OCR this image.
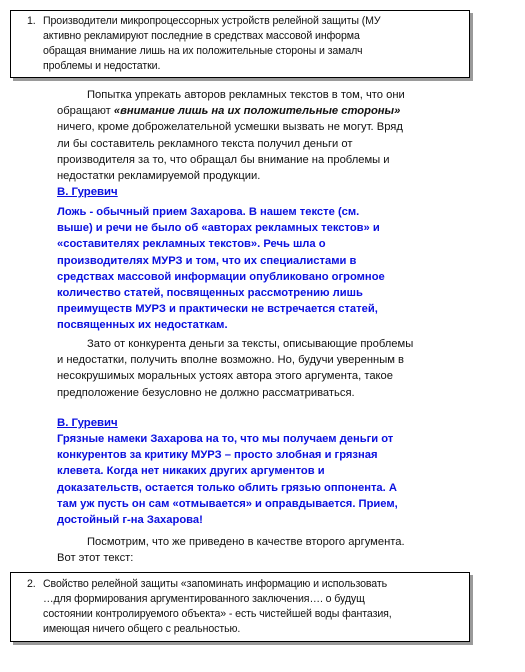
1. Производители микропроцессорных устройств релейной защиты (МУ
активно рекламируют последние в средствах массовой информа
обращая внимание лишь на их положительные стороны и замалч
проблемы и недостатки.
Попытка упрекать авторов рекламных текстов в том, что они
обращают «внимание лишь на их положительные стороны»
ничего, кроме доброжелательной усмешки вызвать не могут. Вряд
ли бы составитель рекламного текста получил деньги от
производителя за то, что обращал бы внимание на проблемы и
недостатки рекламируемой продукции.
В. Гуревич
Ложь - обычный прием Захарова. В нашем тексте (см.
выше) и речи не было об «авторах рекламных текстов» и
«составителях рекламных текстов». Речь шла о
производителях МУРЗ и том, что их специалистами в
средствах массовой информации опубликовано огромное
количество статей, посвященных рассмотрению лишь
преимуществ МУРЗ и практически не встречается статей,
посвященных их недостаткам.
Зато от конкурента деньги за тексты, описывающие проблемы
и недостатки, получить вполне возможно. Но, будучи уверенным в
несокрушимых моральных устоях автора этого аргумента, такое
предположение безусловно не должно рассматриваться.
В. Гуревич
Грязные намеки Захарова на то, что мы получаем деньги от
конкурентов за критику МУРЗ – просто злобная и грязная
клевета. Когда нет никаких других аргументов и
доказательств, остается только облить грязью оппонента. А
там уж пусть он сам «отмывается» и оправдывается. Прием,
достойный г-на Захарова!
Посмотрим, что же приведено в качестве второго аргумента.
Вот этот текст:
2. Свойство релейной защиты «запоминать информацию и использовать
…для формирования аргументированного заключения…. о будущ
состоянии контролируемого объекта» - есть чистейшей воды фантазия,
имеющая ничего общего с реальностью.
